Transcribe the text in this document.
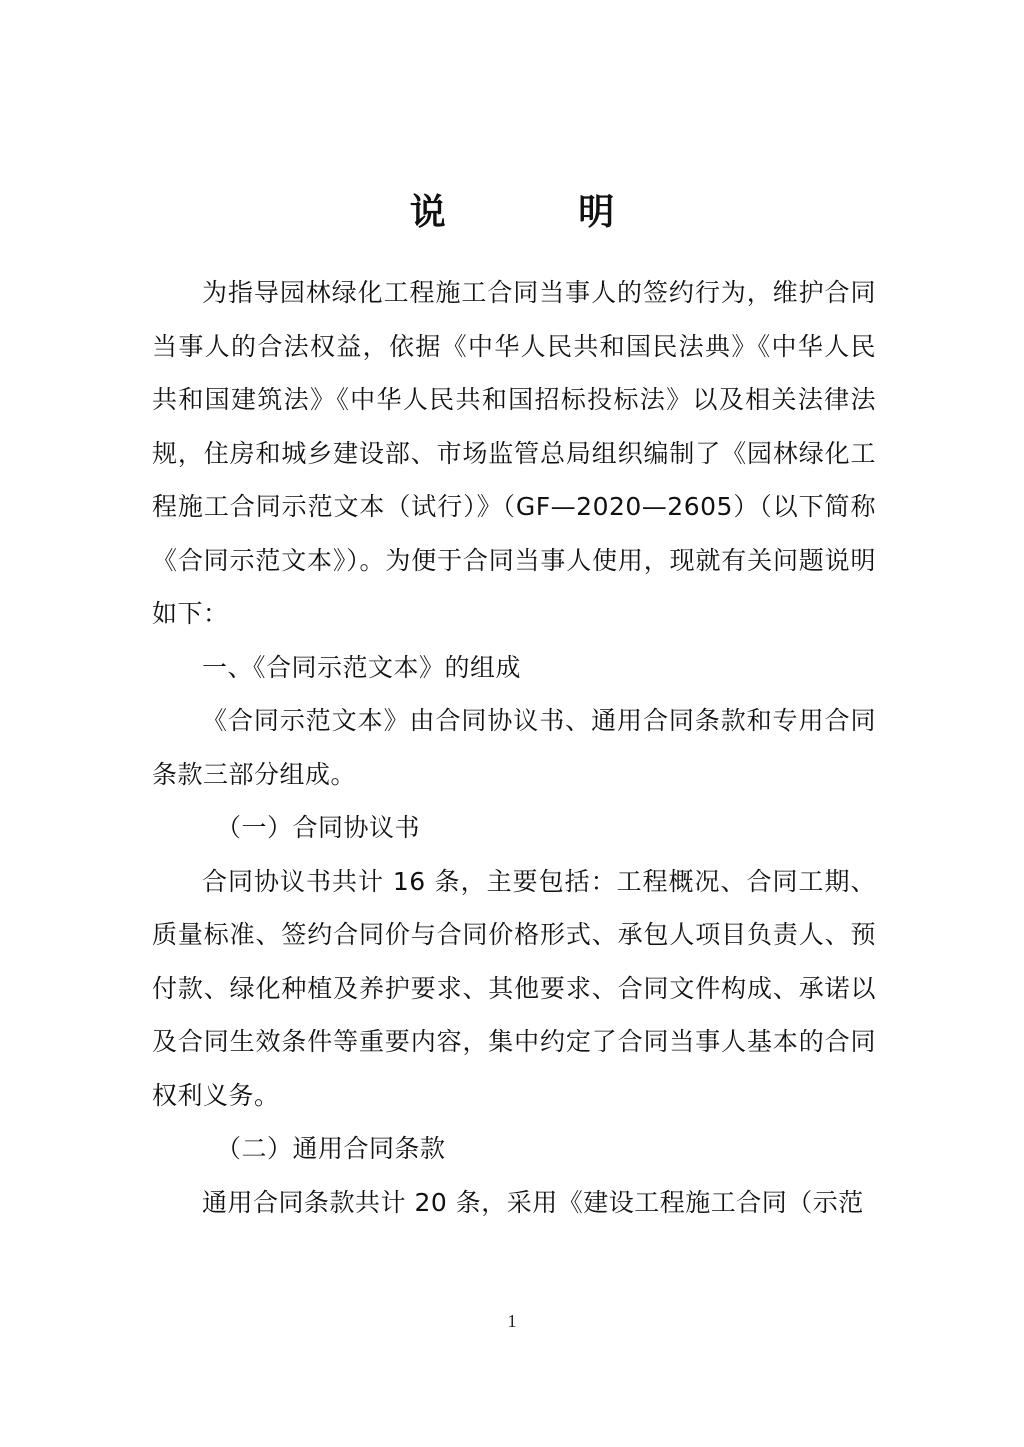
说 明

为指导园林绿化工程施工合同当事人的签约行为，维护合同当事人的合法权益，依据《中华人民共和国民法典》《中华人民共和国建筑法》《中华人民共和国招标投标法》以及相关法律法规，住房和城乡建设部、市场监管总局组织编制了《园林绿化工程施工合同示范文本（试行）》（GF—2020—2605）（以下简称《合同示范文本》）。为便于合同当事人使用，现就有关问题说明如下：

一、《合同示范文本》的组成

《合同示范文本》由合同协议书、通用合同条款和专用合同条款三部分组成。

（一）合同协议书

合同协议书共计 16 条，主要包括：工程概况、合同工期、质量标准、签约合同价与合同价格形式、承包人项目负责人、预付款、绿化种植及养护要求、其他要求、合同文件构成、承诺以及合同生效条件等重要内容，集中约定了合同当事人基本的合同权利义务。

（二）通用合同条款

通用合同条款共计 20 条，采用《建设工程施工合同（示范

1
